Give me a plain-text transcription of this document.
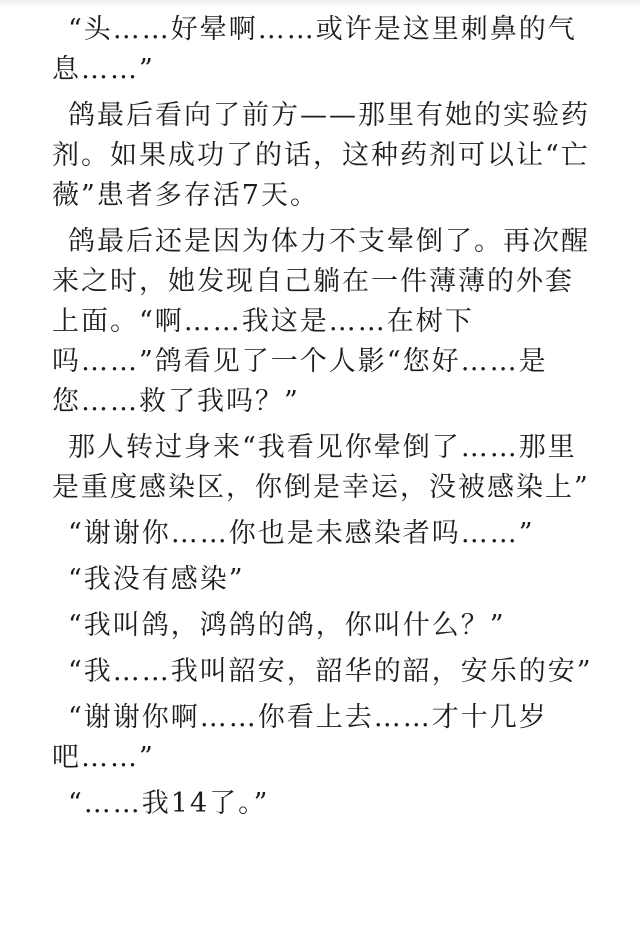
“头……好晕啊……或许是这里刺鼻的气息……”

鸽最后看向了前方——那里有她的实验药剂。如果成功了的话，这种药剂可以让“亡薇”患者多存活7天。

鸽最后还是因为体力不支晕倒了。再次醒来之时，她发现自己躺在一件薄薄的外套上面。“啊……我这是……在树下吗……”鸽看见了一个人影“您好……是您……救了我吗？”

那人转过身来“我看见你晕倒了……那里是重度感染区，你倒是幸运，没被感染上”

“谢谢你……你也是未感染者吗……”

“我没有感染”

“我叫鸽，鸿鸽的鸽，你叫什么？”

“我……我叫韶安，韶华的韶，安乐的安”

“谢谢你啊……你看上去……才十几岁吧……”

“……我14了。”
